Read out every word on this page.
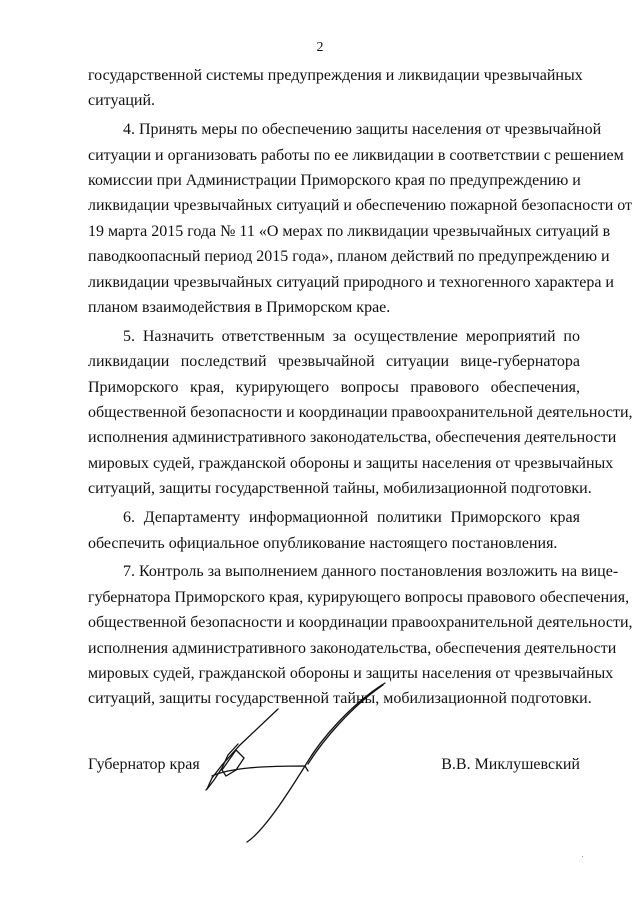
2
государственной системы предупреждения и ликвидации чрезвычайных
ситуаций.
4. Принять меры по обеспечению защиты населения от чрезвычайной
ситуации и организовать работы по ее ликвидации в соответствии с решением
комиссии при Администрации Приморского края по предупреждению и
ликвидации чрезвычайных ситуаций и обеспечению пожарной безопасности от
19 марта 2015 года № 11 «О мерах по ликвидации чрезвычайных ситуаций в
паводкоопасный период 2015 года», планом действий по предупреждению и
ликвидации чрезвычайных ситуаций природного и техногенного характера и
планом взаимодействия в Приморском крае.
5. Назначить ответственным за осуществление мероприятий по
ликвидации последствий чрезвычайной ситуации вице-губернатора
Приморского края, курирующего вопросы правового обеспечения,
общественной безопасности и координации правоохранительной деятельности,
исполнения административного законодательства, обеспечения деятельности
мировых судей, гражданской обороны и защиты населения от чрезвычайных
ситуаций, защиты государственной тайны, мобилизационной подготовки.
6. Департаменту информационной политики Приморского края
обеспечить официальное опубликование настоящего постановления.
7. Контроль за выполнением данного постановления возложить на вице-
губернатора Приморского края, курирующего вопросы правового обеспечения,
общественной безопасности и координации правоохранительной деятельности,
исполнения административного законодательства, обеспечения деятельности
мировых судей, гражданской обороны и защиты населения от чрезвычайных
ситуаций, защиты государственной тайны, мобилизационной подготовки.
Губернатор края	В.В. Миклушевский
